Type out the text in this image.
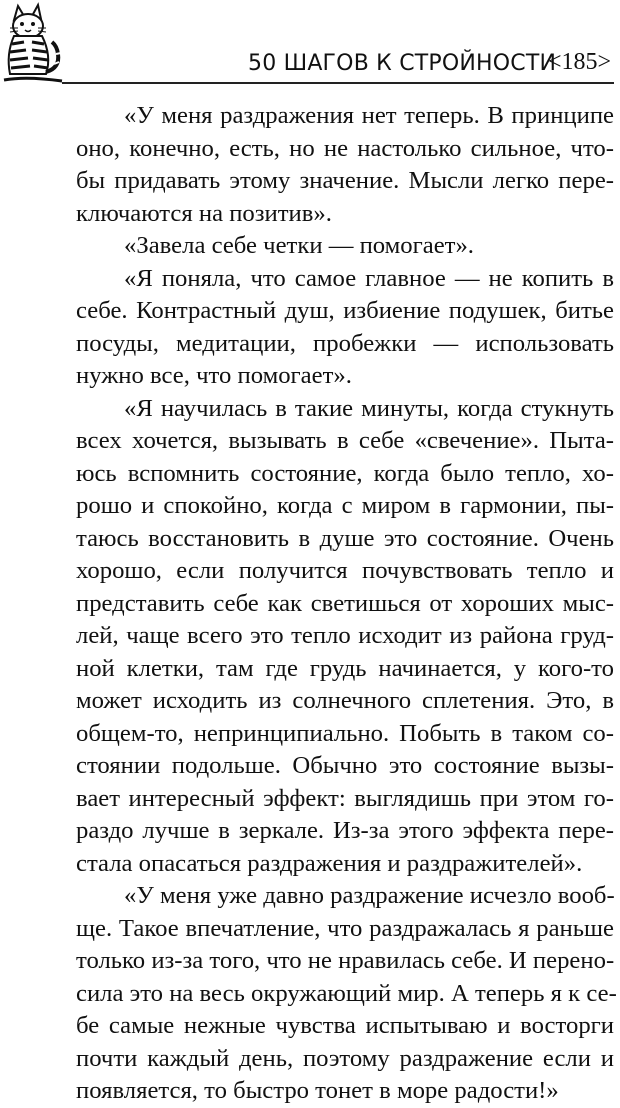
50 ШАГОВ К СТРОЙНОСТИ
<185>
«У меня раздражения нет теперь. В принципе
оно, конечно, есть, но не настолько сильное, что-
бы придавать этому значение. Мысли легко пере-
ключаются на позитив».
«Завела себе четки — помогает».
«Я поняла, что самое главное — не копить в
себе. Контрастный душ, избиение подушек, битье
посуды, медитации, пробежки — использовать
нужно все, что помогает».
«Я научилась в такие минуты, когда стукнуть
всех хочется, вызывать в себе «свечение». Пыта-
юсь вспомнить состояние, когда было тепло, хо-
рошо и спокойно, когда с миром в гармонии, пы-
таюсь восстановить в душе это состояние. Очень
хорошо, если получится почувствовать тепло и
представить себе как светишься от хороших мыс-
лей, чаще всего это тепло исходит из района груд-
ной клетки, там где грудь начинается, у кого-то
может исходить из солнечного сплетения. Это, в
общем-то, непринципиально. Побыть в таком со-
стоянии подольше. Обычно это состояние вызы-
вает интересный эффект: выглядишь при этом го-
раздо лучше в зеркале. Из-за этого эффекта пере-
стала опасаться раздражения и раздражителей».
«У меня уже давно раздражение исчезло вооб-
ще. Такое впечатление, что раздражалась я раньше
только из-за того, что не нравилась себе. И перено-
сила это на весь окружающий мир. А теперь я к се-
бе самые нежные чувства испытываю и восторги
почти каждый день, поэтому раздражение если и
появляется, то быстро тонет в море радости!»
